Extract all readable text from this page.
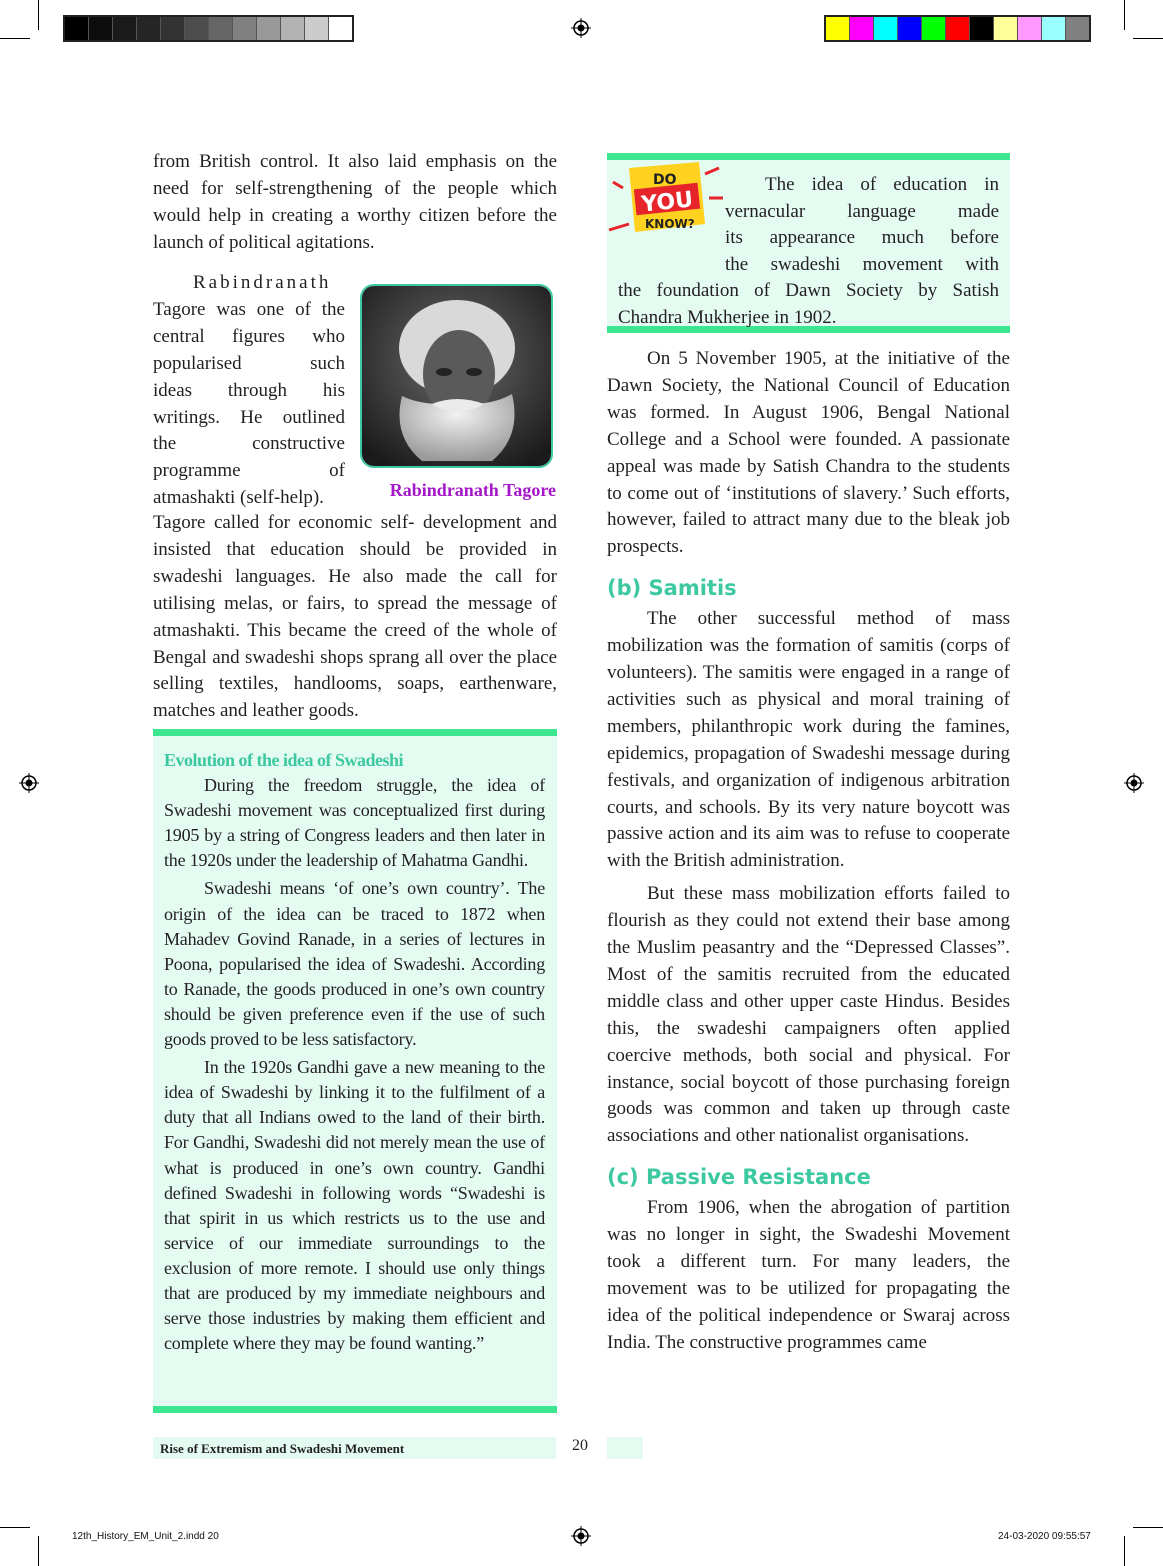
12th_History_EM_Unit_2.indd 20	24-03-2020 09:55:57

from British control. It also laid emphasis on the need for self-strengthening of the people which would help in creating a worthy citizen before the launch of political agitations.

Rabindranath
Tagore was one of the
central figures who
popularised such
ideas through his
writings. He outlined
the constructive
programme of
atmashakti (self-help).

Tagore called for economic self- development and insisted that education should be provided in swadeshi languages. He also made the call for utilising melas, or fairs, to spread the message of atmashakti. This became the creed of the whole of Bengal and swadeshi shops sprang all over the place selling textiles, handlooms, soaps, earthenware, matches and leather goods.

Rabindranath Tagore

Evolution of the idea of Swadeshi

During the freedom struggle, the idea of Swadeshi movement was conceptualized first during 1905 by a string of Congress leaders and then later in the 1920s under the leadership of Mahatma Gandhi.

Swadeshi means ‘of one’s own country’. The origin of the idea can be traced to 1872 when Mahadev Govind Ranade, in a series of lectures in Poona, popularised the idea of Swadeshi. According to Ranade, the goods produced in one’s own country should be given preference even if the use of such goods proved to be less satisfactory.

In the 1920s Gandhi gave a new meaning to the idea of Swadeshi by linking it to the fulfilment of a duty that all Indians owed to the land of their birth. For Gandhi, Swadeshi did not merely mean the use of what is produced in one’s own country. Gandhi defined Swadeshi in following words “Swadeshi is that spirit in us which restricts us to the use and service of our immediate surroundings to the exclusion of more remote. I should use only things that are produced by my immediate neighbours and serve those industries by making them efficient and complete where they may be found wanting.”

DO
YOU
KNOW?
The idea of education in
vernacular language made
its appearance much before
the swadeshi movement with

the foundation of Dawn Society by Satish Chandra Mukherjee in 1902.

On 5 November 1905, at the initiative of the Dawn Society, the National Council of Education was formed. In August 1906, Bengal National College and a School were founded. A passionate appeal was made by Satish Chandra to the students to come out of ‘institutions of slavery.’ Such efforts, however, failed to attract many due to the bleak job prospects.

(b) Samitis

The other successful method of mass mobilization was the formation of samitis (corps of volunteers). The samitis were engaged in a range of activities such as physical and moral training of members, philanthropic work during the famines, epidemics, propagation of Swadeshi message during festivals, and organization of indigenous arbitration courts, and schools. By its very nature boycott was passive action and its aim was to refuse to cooperate with the British administration.

But these mass mobilization efforts failed to flourish as they could not extend their base among the Muslim peasantry and the “Depressed Classes”. Most of the samitis recruited from the educated middle class and other upper caste Hindus. Besides this, the swadeshi campaigners often applied coercive methods, both social and physical. For instance, social boycott of those purchasing foreign goods was common and taken up through caste associations and other nationalist organisations.

(c) Passive Resistance

From 1906, when the abrogation of partition was no longer in sight, the Swadeshi Movement took a different turn. For many leaders, the movement was to be utilized for propagating the idea of the political independence or Swaraj across India. The constructive programmes came

Rise of Extremism and Swadeshi Movement	20
